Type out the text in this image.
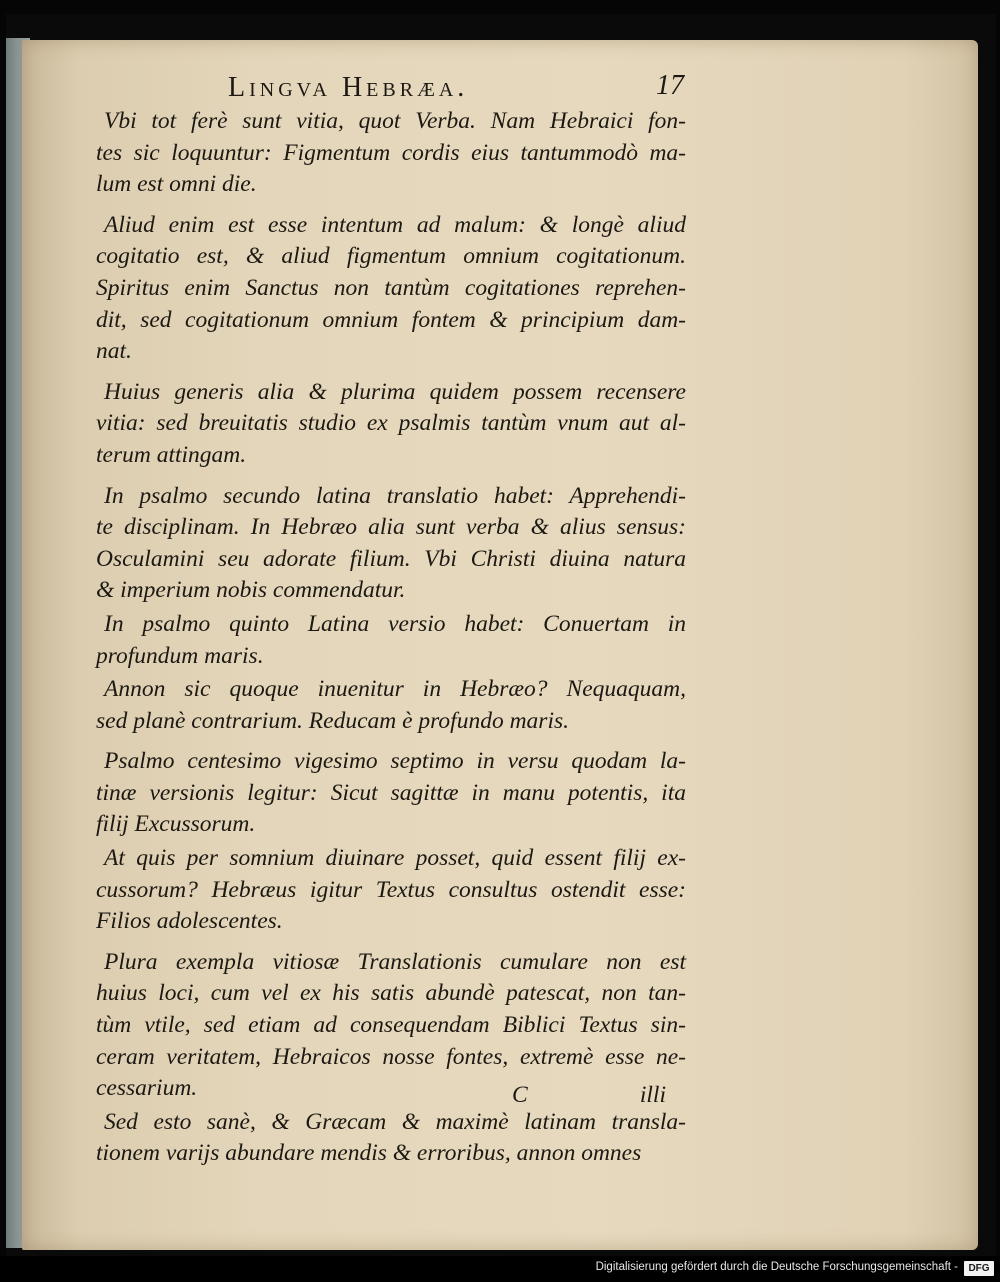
Lingva Hebræa.	17

Vbi tot ferè sunt vitia, quot Verba. Nam Hebraici fon-
tes sic loquuntur: Figmentum cordis eius tantummodò ma-
lum est omni die.

Aliud enim est esse intentum ad malum: & longè aliud
cogitatio est, & aliud figmentum omnium cogitationum.
Spiritus enim Sanctus non tantùm cogitationes reprehen-
dit, sed cogitationum omnium fontem & principium dam-
nat.

Huius generis alia & plurima quidem possem recensere
vitia: sed breuitatis studio ex psalmis tantùm vnum aut al-
terum attingam.

In psalmo secundo latina translatio habet: Apprehendi-
te disciplinam. In Hebræo alia sunt verba & alius sensus:
Osculamini seu adorate filium. Vbi Christi diuina natura
& imperium nobis commendatur.

In psalmo quinto Latina versio habet: Conuertam in
profundum maris.

Annon sic quoque inuenitur in Hebræo? Nequaquam,
sed planè contrarium. Reducam è profundo maris.

Psalmo centesimo vigesimo septimo in versu quodam la-
tinæ versionis legitur: Sicut sagittæ in manu potentis, ita
filij Excussorum.

At quis per somnium diuinare posset, quid essent filij ex-
cussorum? Hebræus igitur Textus consultus ostendit esse:
Filios adolescentes.

Plura exempla vitiosæ Translationis cumulare non est
huius loci, cum vel ex his satis abundè patescat, non tan-
tùm vtile, sed etiam ad consequendam Biblici Textus sin-
ceram veritatem, Hebraicos nosse fontes, extremè esse ne-
cessarium.

Sed esto sanè, & Græcam & maximè latinam transla-
tionem varijs abundare mendis & erroribus, annon omnes

C	illi
Digitalisierung gefördert durch die Deutsche Forschungsgemeinschaft -	DFG
